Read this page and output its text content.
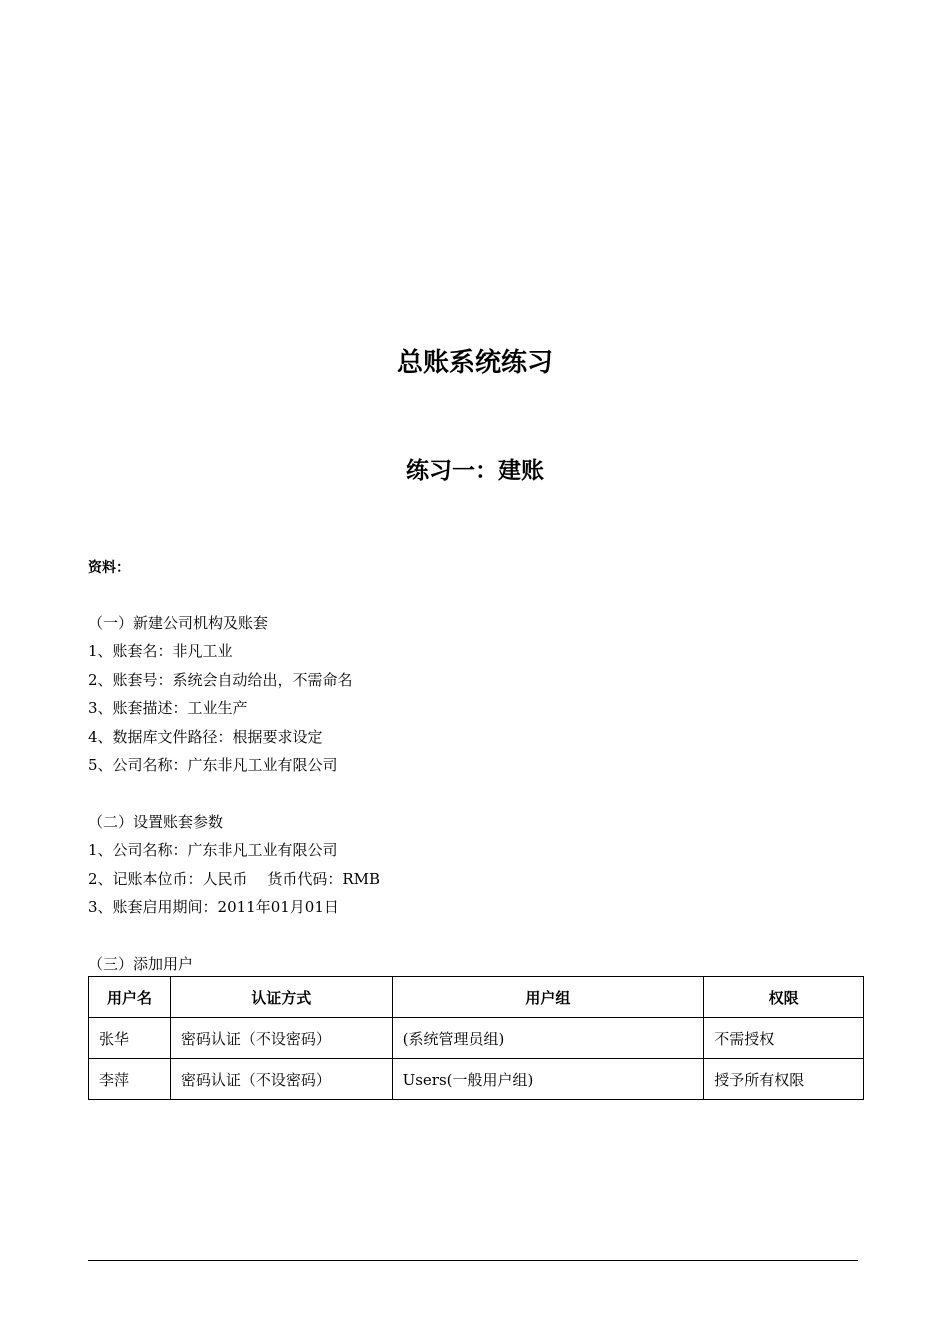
总账系统练习
练习一：建账
资料：
（一）新建公司机构及账套
1、账套名：非凡工业
2、账套号：系统会自动给出，不需命名
3、账套描述：工业生产
4、数据库文件路径：根据要求设定
5、公司名称：广东非凡工业有限公司
（二）设置账套参数
1、公司名称：广东非凡工业有限公司
2、记账本位币：人民币　 货币代码：RMB
3、账套启用期间：2011年01月01日
（三）添加用户
用户名	认证方式	用户组	权限
张华	密码认证（不设密码）	(系统管理员组)	不需授权
李萍	密码认证（不设密码）	Users(一般用户组)	授予所有权限
